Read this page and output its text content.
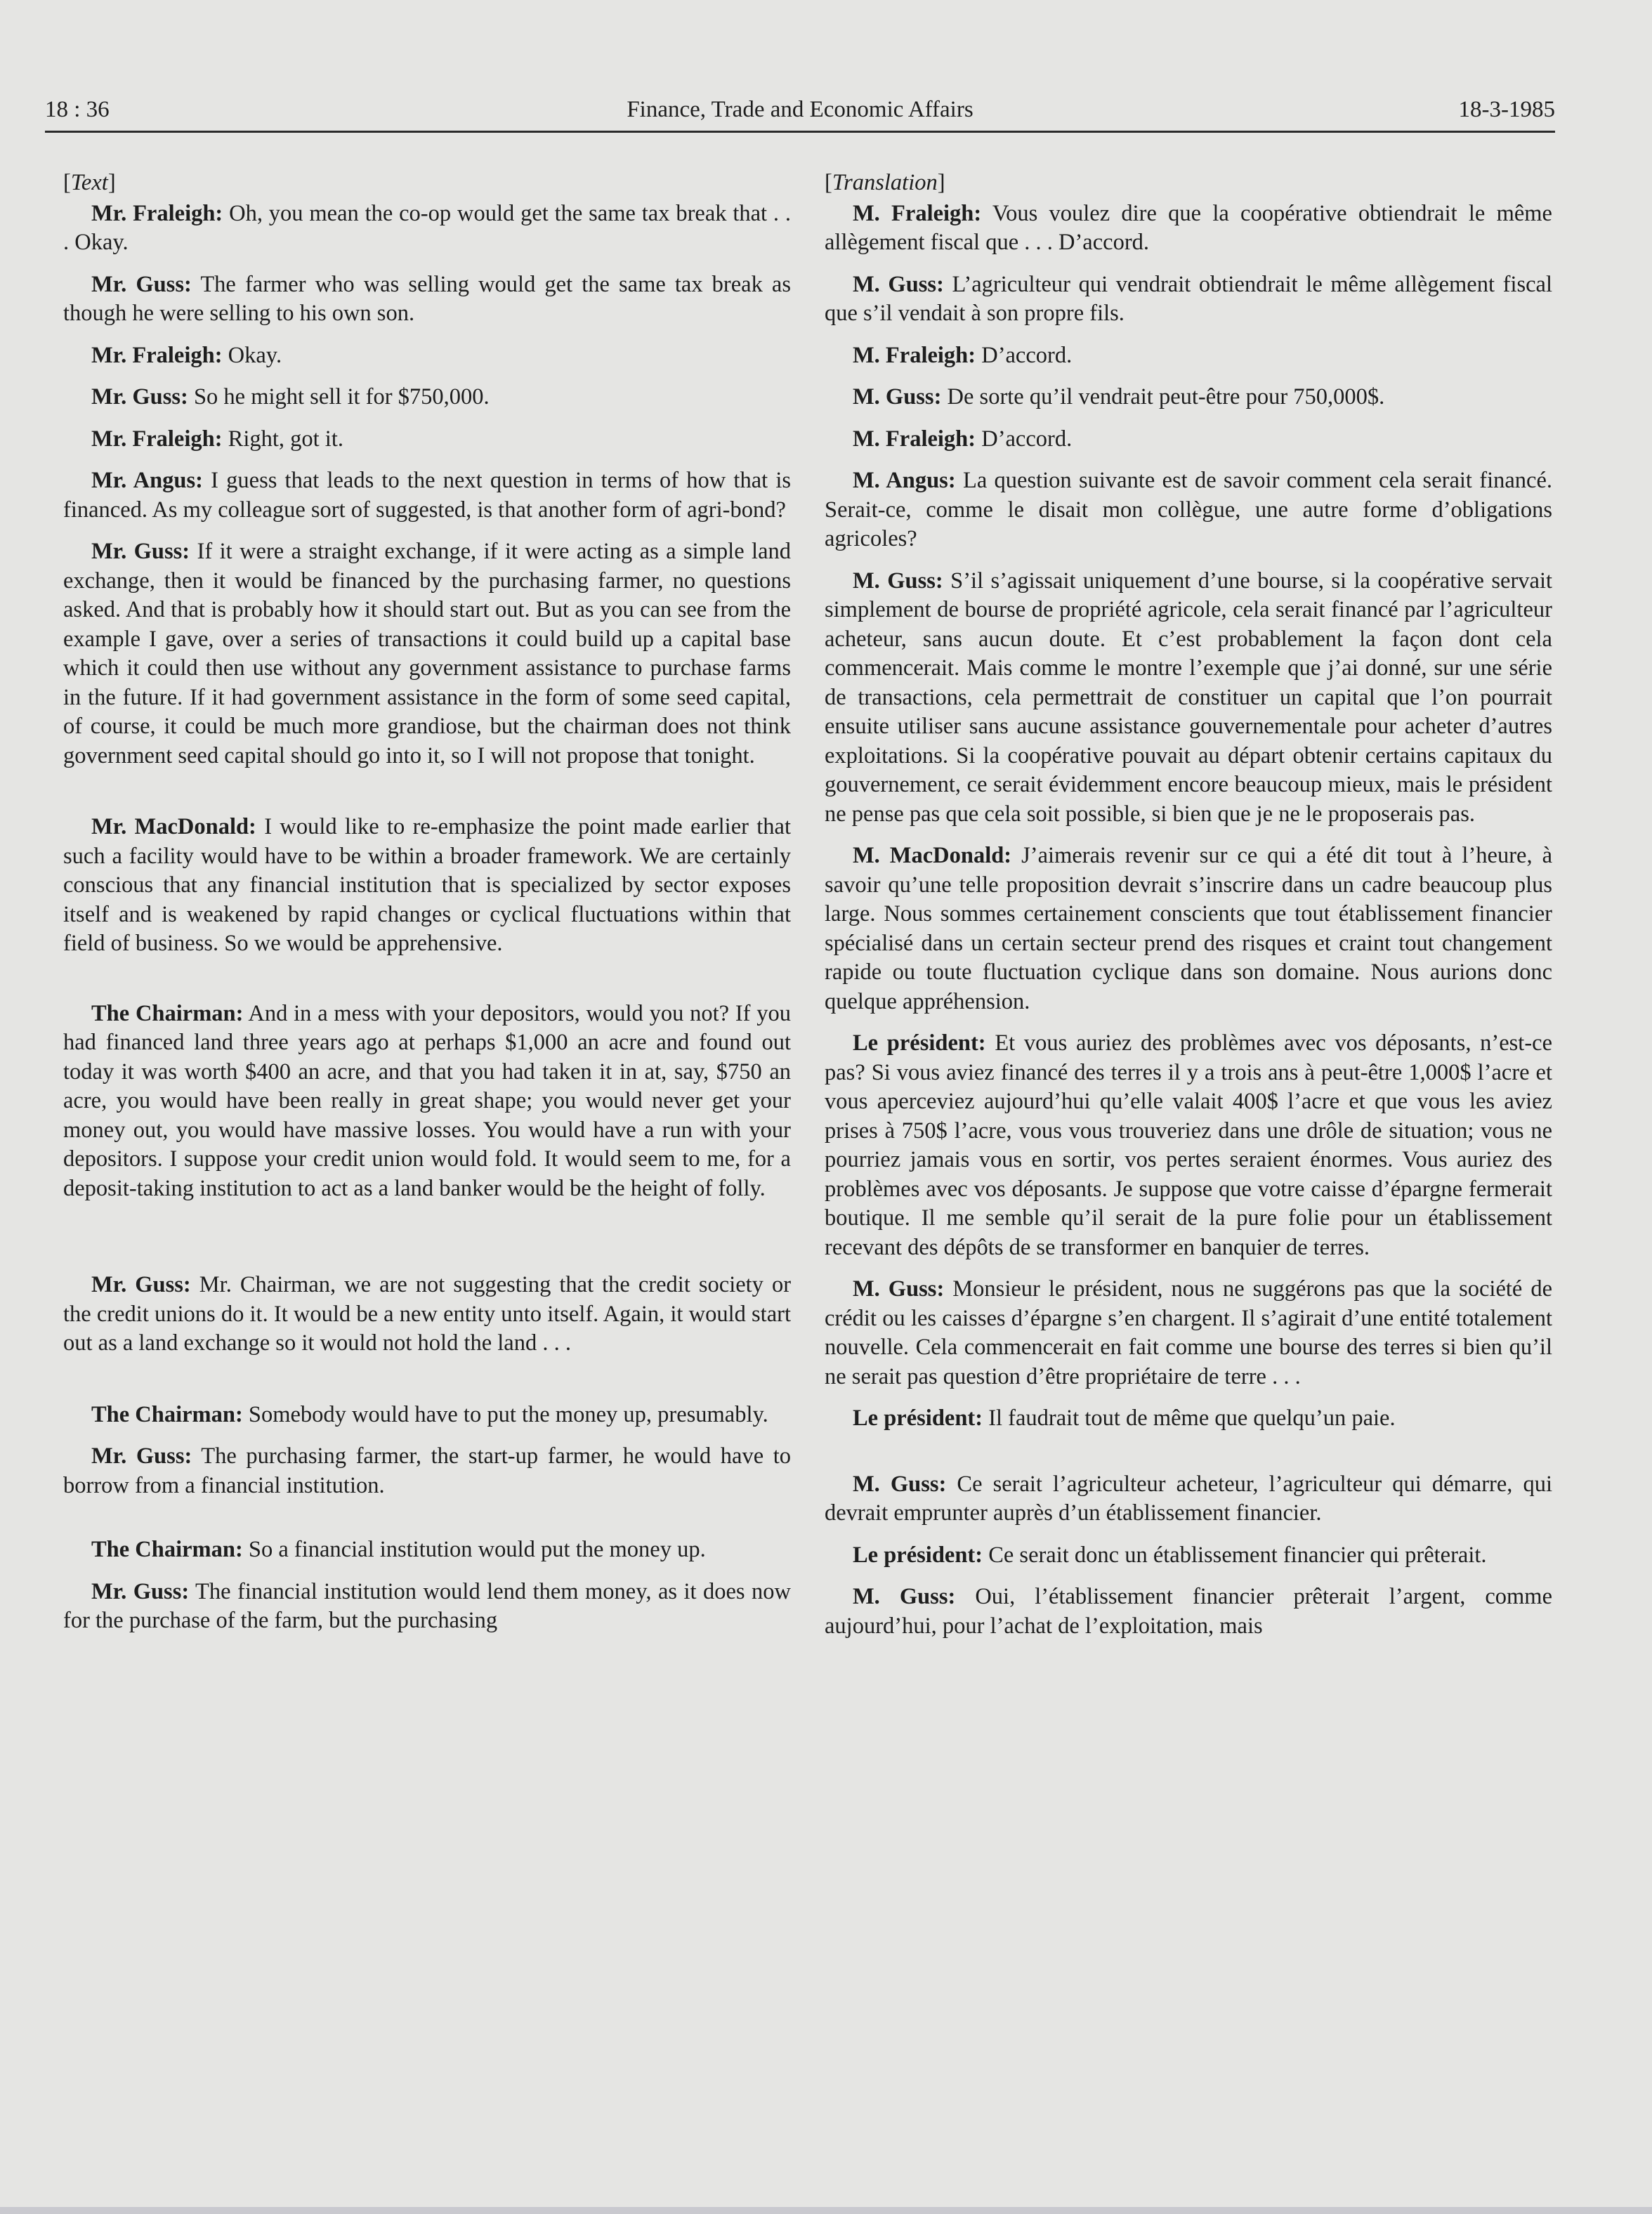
18 : 36	Finance, Trade and Economic Affairs	18-3-1985

[Text]

Mr. Fraleigh: Oh, you mean the co-op would get the same tax break that . . . Okay.

Mr. Guss: The farmer who was selling would get the same tax break as though he were selling to his own son.

Mr. Fraleigh: Okay.

Mr. Guss: So he might sell it for $750,000.

Mr. Fraleigh: Right, got it.

Mr. Angus: I guess that leads to the next question in terms of how that is financed. As my colleague sort of suggested, is that another form of agri-bond?

Mr. Guss: If it were a straight exchange, if it were acting as a simple land exchange, then it would be financed by the purchasing farmer, no questions asked. And that is probably how it should start out. But as you can see from the example I gave, over a series of transactions it could build up a capital base which it could then use without any government assistance to purchase farms in the future. If it had government assistance in the form of some seed capital, of course, it could be much more grandiose, but the chairman does not think government seed capital should go into it, so I will not propose that tonight.

Mr. MacDonald: I would like to re-emphasize the point made earlier that such a facility would have to be within a broader framework. We are certainly conscious that any financial institution that is specialized by sector exposes itself and is weakened by rapid changes or cyclical fluctuations within that field of business. So we would be apprehensive.

The Chairman: And in a mess with your depositors, would you not? If you had financed land three years ago at perhaps $1,000 an acre and found out today it was worth $400 an acre, and that you had taken it in at, say, $750 an acre, you would have been really in great shape; you would never get your money out, you would have massive losses. You would have a run with your depositors. I suppose your credit union would fold. It would seem to me, for a deposit-taking institution to act as a land banker would be the height of folly.

Mr. Guss: Mr. Chairman, we are not suggesting that the credit society or the credit unions do it. It would be a new entity unto itself. Again, it would start out as a land exchange so it would not hold the land . . .

The Chairman: Somebody would have to put the money up, presumably.

Mr. Guss: The purchasing farmer, the start-up farmer, he would have to borrow from a financial institution.

The Chairman: So a financial institution would put the money up.

Mr. Guss: The financial institution would lend them money, as it does now for the purchase of the farm, but the purchasing

[Translation]

M. Fraleigh: Vous voulez dire que la coopérative obtiendrait le même allègement fiscal que . . . D’accord.

M. Guss: L’agriculteur qui vendrait obtiendrait le même allègement fiscal que s’il vendait à son propre fils.

M. Fraleigh: D’accord.

M. Guss: De sorte qu’il vendrait peut-être pour 750,000$.

M. Fraleigh: D’accord.

M. Angus: La question suivante est de savoir comment cela serait financé. Serait-ce, comme le disait mon collègue, une autre forme d’obligations agricoles?

M. Guss: S’il s’agissait uniquement d’une bourse, si la coopérative servait simplement de bourse de propriété agricole, cela serait financé par l’agriculteur acheteur, sans aucun doute. Et c’est probablement la façon dont cela commencerait. Mais comme le montre l’exemple que j’ai donné, sur une série de transactions, cela permettrait de constituer un capital que l’on pourrait ensuite utiliser sans aucune assistance gouvernementale pour acheter d’autres exploitations. Si la coopérative pouvait au départ obtenir certains capitaux du gouvernement, ce serait évidemment encore beaucoup mieux, mais le président ne pense pas que cela soit possible, si bien que je ne le proposerais pas.

M. MacDonald: J’aimerais revenir sur ce qui a été dit tout à l’heure, à savoir qu’une telle proposition devrait s’inscrire dans un cadre beaucoup plus large. Nous sommes certainement conscients que tout établissement financier spécialisé dans un certain secteur prend des risques et craint tout changement rapide ou toute fluctuation cyclique dans son domaine. Nous aurions donc quelque appréhension.

Le président: Et vous auriez des problèmes avec vos déposants, n’est-ce pas? Si vous aviez financé des terres il y a trois ans à peut-être 1,000$ l’acre et vous aperceviez aujourd’hui qu’elle valait 400$ l’acre et que vous les aviez prises à 750$ l’acre, vous vous trouveriez dans une drôle de situation; vous ne pourriez jamais vous en sortir, vos pertes seraient énormes. Vous auriez des problèmes avec vos déposants. Je suppose que votre caisse d’épargne fermerait boutique. Il me semble qu’il serait de la pure folie pour un établissement recevant des dépôts de se transformer en banquier de terres.

M. Guss: Monsieur le président, nous ne suggérons pas que la société de crédit ou les caisses d’épargne s’en chargent. Il s’agirait d’une entité totalement nouvelle. Cela commencerait en fait comme une bourse des terres si bien qu’il ne serait pas question d’être propriétaire de terre . . .

Le président: Il faudrait tout de même que quelqu’un paie.

M. Guss: Ce serait l’agriculteur acheteur, l’agriculteur qui démarre, qui devrait emprunter auprès d’un établissement financier.

Le président: Ce serait donc un établissement financier qui prêterait.

M. Guss: Oui, l’établissement financier prêterait l’argent, comme aujourd’hui, pour l’achat de l’exploitation, mais
